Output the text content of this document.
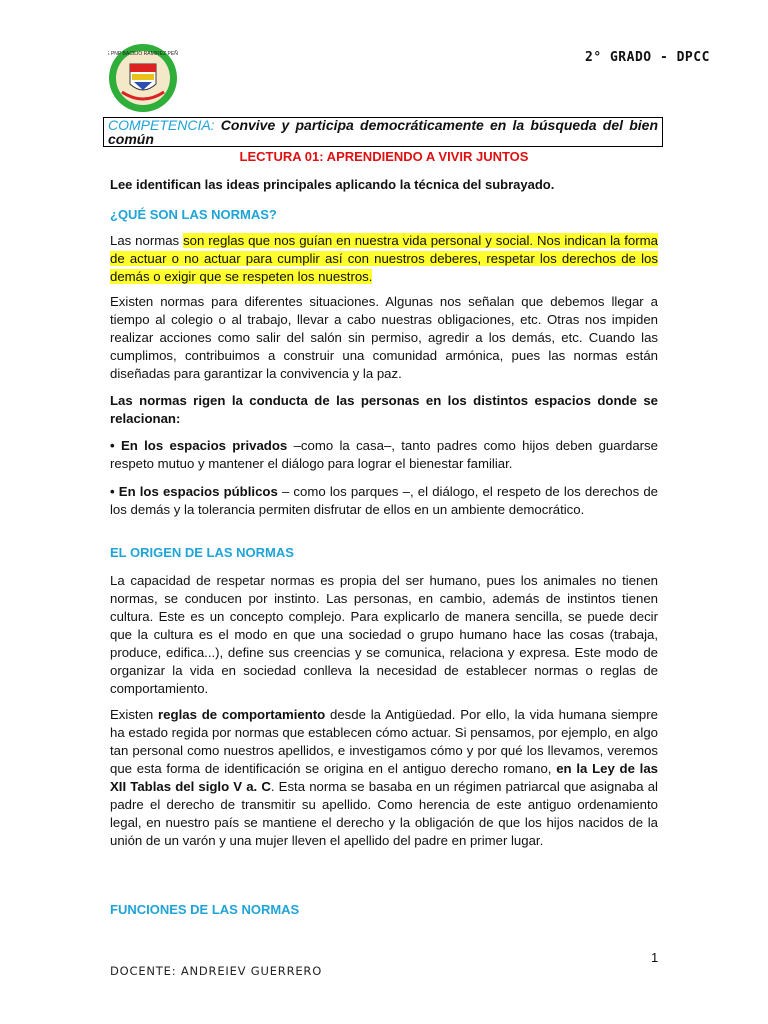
IE PNP BACILIO RAMIREZ PEÑA	2° GRADO - DPCC
COMPETENCIA: Convive y participa democráticamente en la búsqueda del bien
común
LECTURA 01: APRENDIENDO A VIVIR JUNTOS
Lee identifican las ideas principales aplicando la técnica del subrayado.
¿QUÉ SON LAS NORMAS?
Las normas son reglas que nos guían en nuestra vida personal y social. Nos indican la forma de actuar o no actuar para cumplir así con nuestros deberes, respetar los derechos de los demás o exigir que se respeten los nuestros.
Existen normas para diferentes situaciones. Algunas nos señalan que debemos llegar a tiempo al colegio o al trabajo, llevar a cabo nuestras obligaciones, etc. Otras nos impiden realizar acciones como salir del salón sin permiso, agredir a los demás, etc. Cuando las cumplimos, contribuimos a construir una comunidad armónica, pues las normas están diseñadas para garantizar la convivencia y la paz.
Las normas rigen la conducta de las personas en los distintos espacios donde se relacionan:
• En los espacios privados –como la casa–, tanto padres como hijos deben guardarse respeto mutuo y mantener el diálogo para lograr el bienestar familiar.
• En los espacios públicos – como los parques –, el diálogo, el respeto de los derechos de los demás y la tolerancia permiten disfrutar de ellos en un ambiente democrático.
EL ORIGEN DE LAS NORMAS
La capacidad de respetar normas es propia del ser humano, pues los animales no tienen normas, se conducen por instinto. Las personas, en cambio, además de instintos tienen cultura. Este es un concepto complejo. Para explicarlo de manera sencilla, se puede decir que la cultura es el modo en que una sociedad o grupo humano hace las cosas (trabaja, produce, edifica...), define sus creencias y se comunica, relaciona y expresa. Este modo de organizar la vida en sociedad conlleva la necesidad de establecer normas o reglas de comportamiento.
Existen reglas de comportamiento desde la Antigüedad. Por ello, la vida humana siempre ha estado regida por normas que establecen cómo actuar. Si pensamos, por ejemplo, en algo tan personal como nuestros apellidos, e investigamos cómo y por qué los llevamos, veremos que esta forma de identificación se origina en el antiguo derecho romano, en la Ley de las XII Tablas del siglo V a. C. Esta norma se basaba en un régimen patriarcal que asignaba al padre el derecho de transmitir su apellido. Como herencia de este antiguo ordenamiento legal, en nuestro país se mantiene el derecho y la obligación de que los hijos nacidos de la unión de un varón y una mujer lleven el apellido del padre en primer lugar.
FUNCIONES DE LAS NORMAS
1
DOCENTE: ANDREIEV GUERRERO
